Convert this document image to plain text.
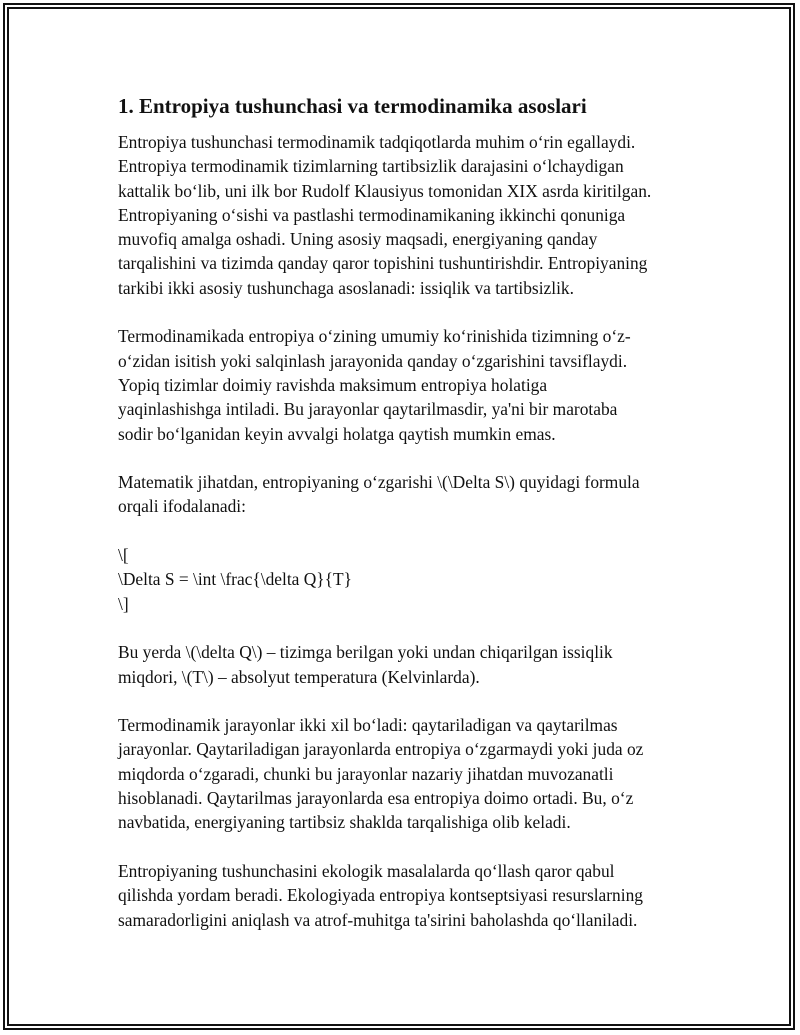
1. Entropiya tushunchasi va termodinamika asoslari
Entropiya tushunchasi termodinamik tadqiqotlarda muhim o‘rin egallaydi.
Entropiya termodinamik tizimlarning tartibsizlik darajasini o‘lchaydigan
kattalik bo‘lib, uni ilk bor Rudolf Klausiyus tomonidan XIX asrda kiritilgan.
Entropiyaning o‘sishi va pastlashi termodinamikaning ikkinchi qonuniga
muvofiq amalga oshadi. Uning asosiy maqsadi, energiyaning qanday
tarqalishini va tizimda qanday qaror topishini tushuntirishdir. Entropiyaning
tarkibi ikki asosiy tushunchaga asoslanadi: issiqlik va tartibsizlik.
Termodinamikada entropiya o‘zining umumiy ko‘rinishida tizimning o‘z-
o‘zidan isitish yoki salqinlash jarayonida qanday o‘zgarishini tavsiflaydi.
Yopiq tizimlar doimiy ravishda maksimum entropiya holatiga
yaqinlashishga intiladi. Bu jarayonlar qaytarilmasdir, ya'ni bir marotaba
sodir bo‘lganidan keyin avvalgi holatga qaytish mumkin emas.
Matematik jihatdan, entropiyaning o‘zgarishi \(\Delta S\) quyidagi formula
orqali ifodalanadi:
\[
\Delta S = \int \frac{\delta Q}{T}
\]
Bu yerda \(\delta Q\) – tizimga berilgan yoki undan chiqarilgan issiqlik
miqdori, \(T\) – absolyut temperatura (Kelvinlarda).
Termodinamik jarayonlar ikki xil bo‘ladi: qaytariladigan va qaytarilmas
jarayonlar. Qaytariladigan jarayonlarda entropiya o‘zgarmaydi yoki juda oz
miqdorda o‘zgaradi, chunki bu jarayonlar nazariy jihatdan muvozanatli
hisoblanadi. Qaytarilmas jarayonlarda esa entropiya doimo ortadi. Bu, o‘z
navbatida, energiyaning tartibsiz shaklda tarqalishiga olib keladi.
Entropiyaning tushunchasini ekologik masalalarda qo‘llash qaror qabul
qilishda yordam beradi. Ekologiyada entropiya kontseptsiyasi resurslarning
samaradorligini aniqlash va atrof-muhitga ta'sirini baholashda qo‘llaniladi.
